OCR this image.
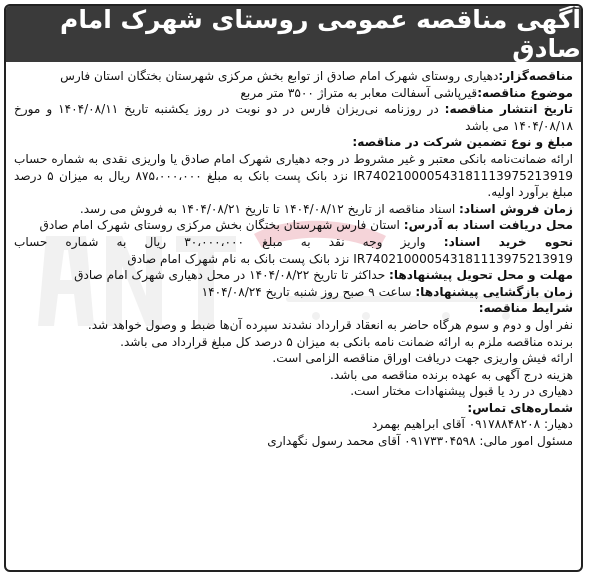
آگهی مناقصه عمومی روستای شهرک امام صادق

مناقصه‌گزار:دهیاری روستای شهرک امام صادق از توابع بخش مرکزی شهرستان بختگان استان فارس

موضوع مناقصه:قیرپاشی آسفالت معابر به متراژ ۳۵۰۰ متر مربع

تاریخ انتشار مناقصه: در روزنامه نی‌ریزان فارس در دو نوبت در روز یکشنبه تاریخ ۱۴۰۴/۰۸/۱۱ و مورخ ۱۴۰۴/۰۸/۱۸ می باشد

مبلغ و نوع تضمین شرکت در مناقصه:

ارائه ضمانت‌نامه بانکی معتبر و غیر مشروط در وجه دهیاری شهرک امام صادق یا واریزی نقدی به شماره حساب IR740210000543181113975213919 نزد بانک پست بانک به مبلغ ۸۷۵،۰۰۰،۰۰۰ ریال به میزان ۵ درصد مبلغ برآورد اولیه.

زمان فروش اسناد: اسناد مناقصه از تاریخ ۱۴۰۴/۰۸/۱۲ تا تاریخ ۱۴۰۴/۰۸/۲۱ به فروش می رسد.

محل دریافت اسناد به آدرس: استان فارس شهرستان بختگان بخش مرکزی روستای شهرک امام صادق

نحوه خرید اسناد: واریز وجه نقد به مبلغ ۳۰،۰۰۰،۰۰۰ ریال به شماره حساب IR740210000543181113975213919 نزد بانک پست بانک به نام شهرک امام صادق

مهلت و محل تحویل پیشنهادها: حداکثر تا تاریخ ۱۴۰۴/۰۸/۲۲ در محل دهیاری شهرک امام صادق

زمان بازگشایی پیشنهادها: ساعت ۹ صبح روز شنبه تاریخ ۱۴۰۴/۰۸/۲۴

شرایط مناقصه:

نفر اول و دوم و سوم هرگاه حاضر به انعقاد قرارداد نشدند سپرده آن‌ها ضبط و وصول خواهد شد.

برنده مناقصه ملزم به ارائه ضمانت نامه بانکی به میزان ۵ درصد کل مبلغ قرارداد می باشد.

ارائه فیش واریزی جهت دریافت اوراق مناقصه الزامی است.

هزینه درج آگهی به عهده برنده مناقصه می باشد.

دهیاری در رد یا قبول پیشنهادات مختار است.

شماره‌های تماس:

دهیار: ۰۹۱۷۸۸۴۸۲۰۸ آقای ابراهیم بهمرد

مسئول امور مالی: ۰۹۱۷۳۳۰۴۵۹۸ آقای محمد رسول نگهداری
